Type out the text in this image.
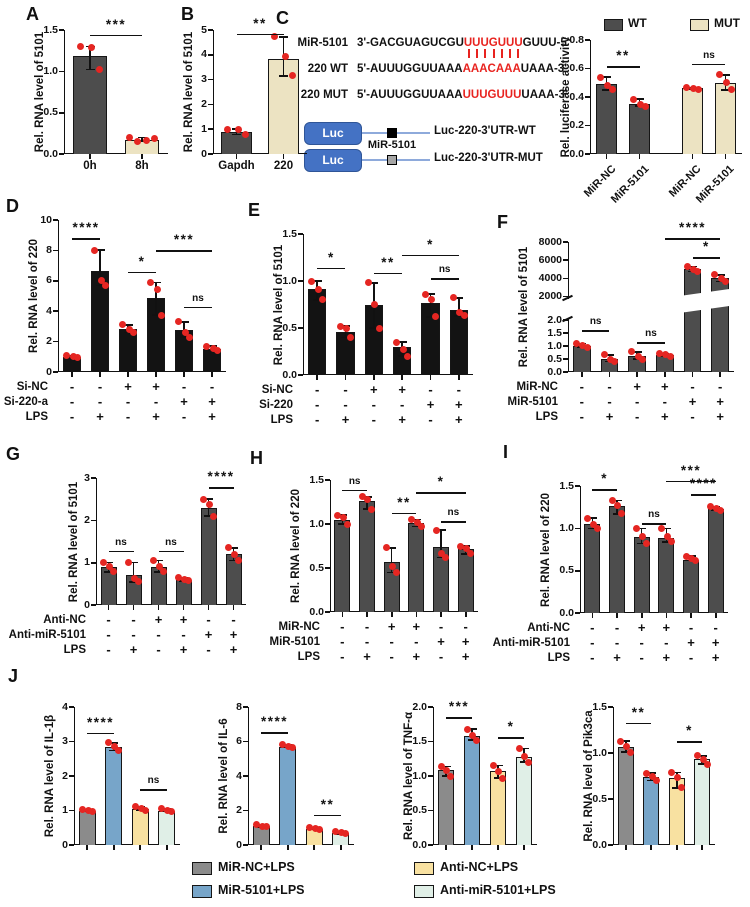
A	B	C
D	E
F
G	H	I
J
MiR-5101 3'-GACGUAGUCGUUUUGUUUGUUU-5'
220 WT 5'-AUUUGGUUAAAAAACAAAUAAA-3'
220 MUT 5'-AUUUGGUUAAAUUUGUUUUAAA-3'
Luc
MiR-5101
Luc-220-3'UTR-WT
Luc	Luc-220-3'UTR-MUT
Rel. RNA level of 5101
0.0
0.5
1.0
1.5	***
0h	8h
Rel. RNA level of 5101
0
1
2
3
4
5	**
Gapdh 220
Rel. luciferase activity
0.0
0.2
0.4
0.6
0.8
**	ns
MiR-NC
MiR-5101 MiR-NC
MiR-5101
WT	MUT
Rel. RNA level of 220
0
2
4
6
8
10
****
*
***
ns
Si-NC - - + + - -
Si-220-a - - - - + +
LPS - + - + - +
Rel. RNA level of 5101
0.0
0.5
1.0
1.5
*	**
*
ns
Si-NC - - + + - -
Si-220 - - - - + +
LPS - + - + - +
Rel. RNA level of 5101
0.0
0.5
1.0
1.5
2.0
2000
4000
6000
8000
ns
ns
****
*
MiR-NC - - + + - -
MiR-5101 - - - - + +
LPS - + - + - +
Rel. RNA level of 5101
0
1
2
3
ns	ns
****
Anti-NC - - + + - -
Anti-miR-5101 - - - - + +
LPS - + - + - +
Rel. RNA level of 220
0.0
0.5
1.0
1.5 ns
**
*
ns
MiR-NC - - + + - -
MiR-5101 - - - - + +
LPS - + - + - +
Rel. RNA level of 220
0.0
0.5
1.0
1.5 *
ns
***
****
Anti-NC - - + + - -
Anti-miR-5101 - - - - + +
LPS - + - + - +
Rel. RNA level of IL-1β
0
1
2
3
4
****
ns	Rel. RNA level of IL-6
0
2
4
6
8
****
**	Rel. RNA level of TNF-α
0.0
0.5
1.0
1.5
2.0 ***
*	Rel. RNA level of Pik3ca
0.0
0.5
1.0
1.5 **
*
MiR-NC+LPS
MiR-5101+LPS
Anti-NC+LPS
Anti-miR-5101+LPS
